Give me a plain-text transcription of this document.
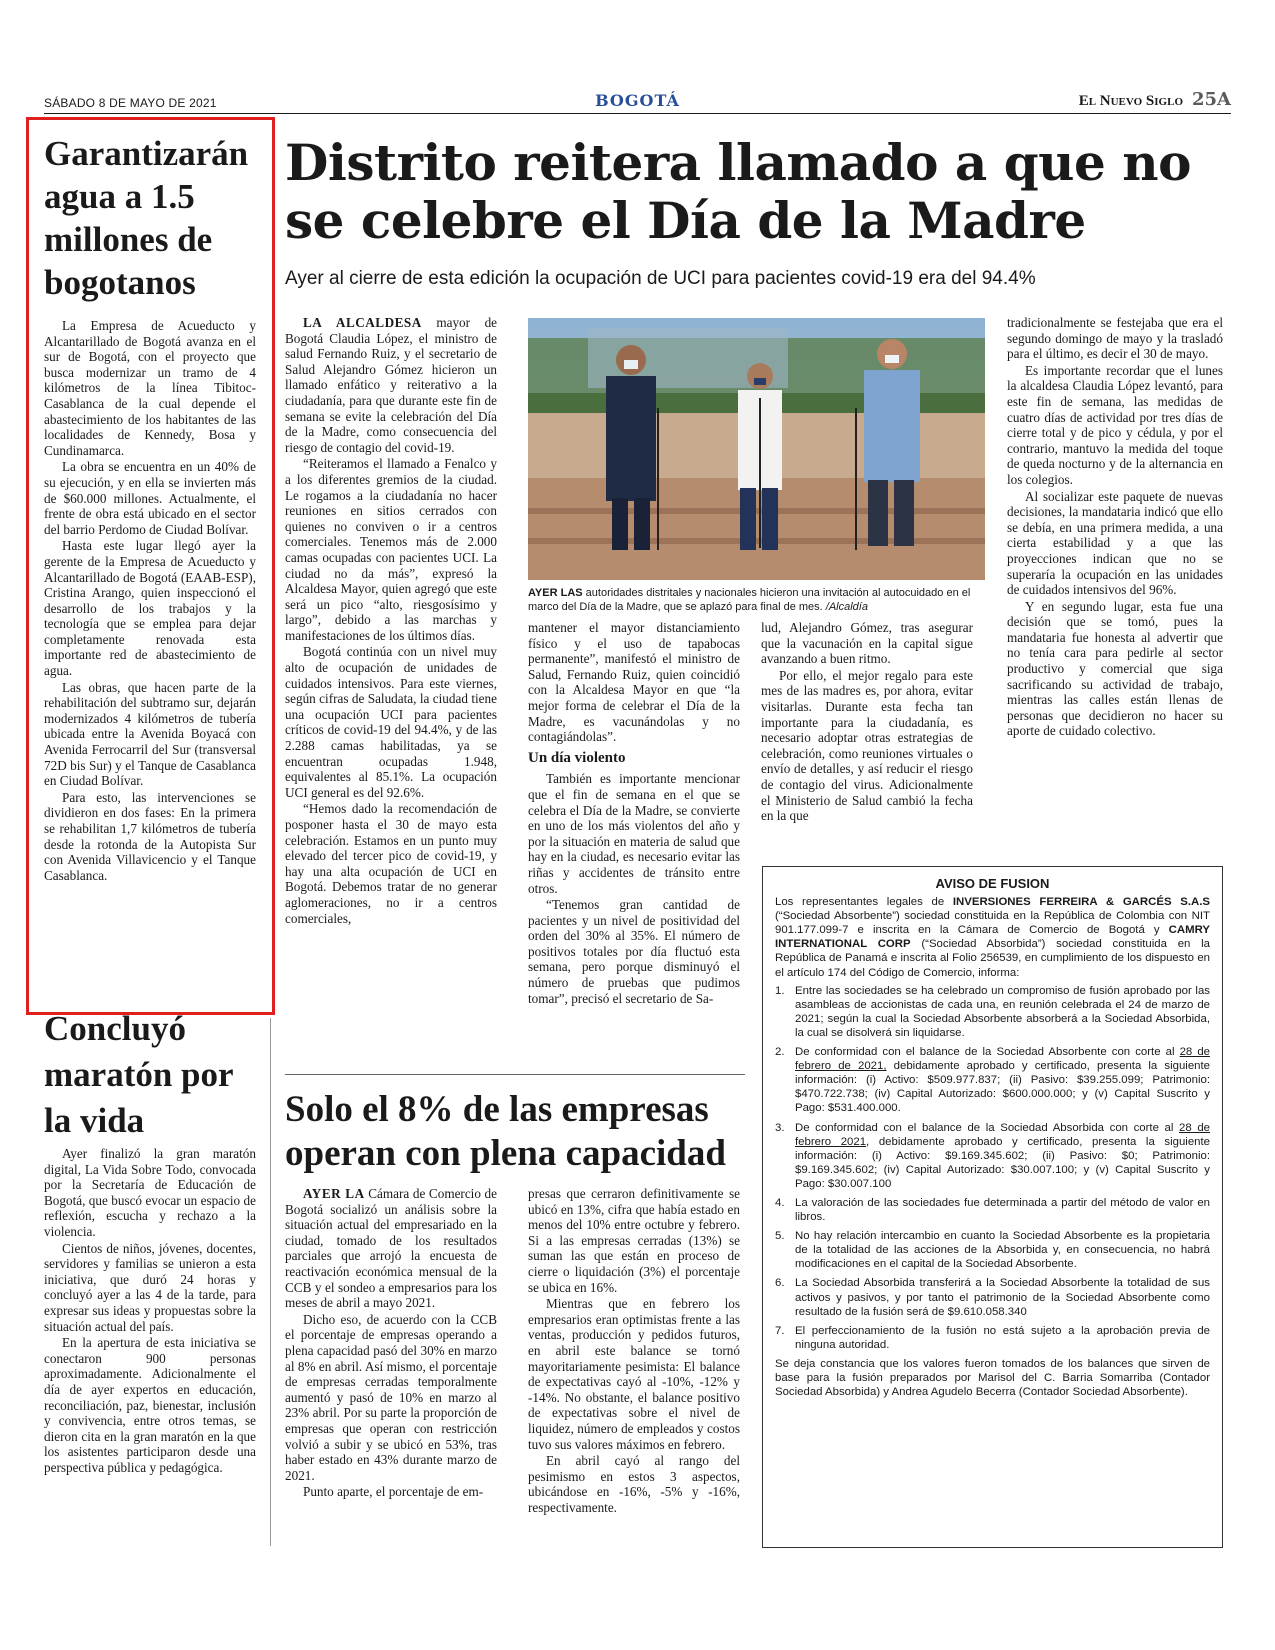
SÁBADO 8 DE MAYO DE 2021	BOGOTÁ	El Nuevo Siglo 25A
Garantizarán agua a 1.5 millones de bogotanos

La Empresa de Acueducto y Alcantarillado de Bogotá avanza en el sur de Bogotá, con el proyecto que busca modernizar un tramo de 4 kilómetros de la línea Tibitoc-Casablanca de la cual depende el abastecimiento de los habitantes de las localidades de Kennedy, Bosa y Cundinamarca.

La obra se encuentra en un 40% de su ejecución, y en ella se invierten más de $60.000 millones. Actualmente, el frente de obra está ubicado en el sector del barrio Perdomo de Ciudad Bolívar.

Hasta este lugar llegó ayer la gerente de la Empresa de Acueducto y Alcantarillado de Bogotá (EAAB-ESP), Cristina Arango, quien inspeccionó el desarrollo de los trabajos y la tecnología que se emplea para dejar completamente renovada esta importante red de abastecimiento de agua.

Las obras, que hacen parte de la rehabilitación del subtramo sur, dejarán modernizados 4 kilómetros de tubería ubicada entre la Avenida Boyacá con Avenida Ferrocarril del Sur (transversal 72D bis Sur) y el Tanque de Casablanca en Ciudad Bolívar.

Para esto, las intervenciones se dividieron en dos fases: En la primera se rehabilitan 1,7 kilómetros de tubería desde la rotonda de la Autopista Sur con Avenida Villavicencio y el Tanque Casablanca.

Concluyó maratón por la vida

Ayer finalizó la gran maratón digital, La Vida Sobre Todo, convocada por la Secretaría de Educación de Bogotá, que buscó evocar un espacio de reflexión, escucha y rechazo a la violencia.

Cientos de niños, jóvenes, docentes, servidores y familias se unieron a esta iniciativa, que duró 24 horas y concluyó ayer a las 4 de la tarde, para expresar sus ideas y propuestas sobre la situación actual del país.

En la apertura de esta iniciativa se conectaron 900 personas aproximadamente. Adicionalmente el día de ayer expertos en educación, reconciliación, paz, bienestar, inclusión y convivencia, entre otros temas, se dieron cita en la gran maratón en la que los asistentes participaron desde una perspectiva pública y pedagógica.

Distrito reitera llamado a que no se celebre el Día de la Madre
Ayer al cierre de esta edición la ocupación de UCI para pacientes covid-19 era del 94.4%

LA ALCALDESA mayor de Bogotá Claudia López, el ministro de salud Fernando Ruiz, y el secretario de Salud Alejandro Gómez hicieron un llamado enfático y reiterativo a la ciudadanía, para que durante este fin de semana se evite la celebración del Día de la Madre, como consecuencia del riesgo de contagio del covid-19.

“Reiteramos el llamado a Fenalco y a los diferentes gremios de la ciudad. Le rogamos a la ciudadanía no hacer reuniones en sitios cerrados con quienes no conviven o ir a centros comerciales. Tenemos más de 2.000 camas ocupadas con pacientes UCI. La ciudad no da más”, expresó la Alcaldesa Mayor, quien agregó que este será un pico “alto, riesgosísimo y largo”, debido a las marchas y manifestaciones de los últimos días.

Bogotá continúa con un nivel muy alto de ocupación de unidades de cuidados intensivos. Para este viernes, según cifras de Saludata, la ciudad tiene una ocupación UCI para pacientes críticos de covid-19 del 94.4%, y de las 2.288 camas habilitadas, ya se encuentran ocupadas 1.948, equivalentes al 85.1%. La ocupación UCI general es del 92.6%.

“Hemos dado la recomendación de posponer hasta el 30 de mayo esta celebración. Estamos en un punto muy elevado del tercer pico de covid-19, y hay una alta ocupación de UCI en Bogotá. Debemos tratar de no generar aglomeraciones, no ir a centros comerciales,

AYER LAS autoridades distritales y nacionales hicieron una invitación al autocuidado en el marco del Día de la Madre, que se aplazó para final de mes. /Alcaldía

mantener el mayor distanciamiento físico y el uso de tapabocas permanente”, manifestó el ministro de Salud, Fernando Ruiz, quien coincidió con la Alcaldesa Mayor en que “la mejor forma de celebrar el Día de la Madre, es vacunándolas y no contagiándolas”.

Un día violento

También es importante mencionar que el fin de semana en el que se celebra el Día de la Madre, se convierte en uno de los más violentos del año y por la situación en materia de salud que hay en la ciudad, es necesario evitar las riñas y accidentes de tránsito entre otros.

“Tenemos gran cantidad de pacientes y un nivel de positividad del orden del 30% al 35%. El número de positivos totales por día fluctuó esta semana, pero porque disminuyó el número de pruebas que pudimos tomar”, precisó el secretario de Sa-

lud, Alejandro Gómez, tras asegurar que la vacunación en la capital sigue avanzando a buen ritmo.

Por ello, el mejor regalo para este mes de las madres es, por ahora, evitar visitarlas. Durante esta fecha tan importante para la ciudadanía, es necesario adoptar otras estrategias de celebración, como reuniones virtuales o envío de detalles, y así reducir el riesgo de contagio del virus. Adicionalmente el Ministerio de Salud cambió la fecha en la que

tradicionalmente se festejaba que era el segundo domingo de mayo y la trasladó para el último, es decir el 30 de mayo.

Es importante recordar que el lunes la alcaldesa Claudia López levantó, para este fin de semana, las medidas de cuatro días de actividad por tres días de cierre total y de pico y cédula, y por el contrario, mantuvo la medida del toque de queda nocturno y de la alternancia en los colegios.

Al socializar este paquete de nuevas decisiones, la mandataria indicó que ello se debía, en una primera medida, a una cierta estabilidad y a que las proyecciones indican que no se superaría la ocupación en las unidades de cuidados intensivos del 96%.

Y en segundo lugar, esta fue una decisión que se tomó, pues la mandataria fue honesta al advertir que no tenía cara para pedirle al sector productivo y comercial que siga sacrificando su actividad de trabajo, mientras las calles están llenas de personas que decidieron no hacer su aporte de cuidado colectivo.

Solo el 8% de las empresas operan con plena capacidad

AYER LA Cámara de Comercio de Bogotá socializó un análisis sobre la situación actual del empresariado en la ciudad, tomado de los resultados parciales que arrojó la encuesta de reactivación económica mensual de la CCB y el sondeo a empresarios para los meses de abril a mayo 2021.

Dicho eso, de acuerdo con la CCB el porcentaje de empresas operando a plena capacidad pasó del 30% en marzo al 8% en abril. Así mismo, el porcentaje de empresas cerradas temporalmente aumentó y pasó de 10% en marzo al 23% abril. Por su parte la proporción de empresas que operan con restricción volvió a subir y se ubicó en 53%, tras haber estado en 43% durante marzo de 2021.

Punto aparte, el porcentaje de em-

presas que cerraron definitivamente se ubicó en 13%, cifra que había estado en menos del 10% entre octubre y febrero. Si a las empresas cerradas (13%) se suman las que están en proceso de cierre o liquidación (3%) el porcentaje se ubica en 16%.

Mientras que en febrero los empresarios eran optimistas frente a las ventas, producción y pedidos futuros, en abril este balance se tornó mayoritariamente pesimista: El balance de expectativas cayó al -10%, -12% y -14%. No obstante, el balance positivo de expectativas sobre el nivel de liquidez, número de empleados y costos tuvo sus valores máximos en febrero.

En abril cayó al rango del pesimismo en estos 3 aspectos, ubicándose en -16%, -5% y -16%, respectivamente.

AVISO DE FUSION
Los representantes legales de INVERSIONES FERREIRA & GARCÉS S.A.S (“Sociedad Absorbente”) sociedad constituida en la República de Colombia con NIT 901.177.099-7 e inscrita en la Cámara de Comercio de Bogotá y CAMRY INTERNATIONAL CORP (“Sociedad Absorbida”) sociedad constituida en la República de Panamá e inscrita al Folio 256539, en cumplimiento de los dispuesto en el artículo 174 del Código de Comercio, informa:
1. Entre las sociedades se ha celebrado un compromiso de fusión aprobado por las asambleas de accionistas de cada una, en reunión celebrada el 24 de marzo de 2021; según la cual la Sociedad Absorbente absorberá a la Sociedad Absorbida, la cual se disolverá sin liquidarse.
2. De conformidad con el balance de la Sociedad Absorbente con corte al 28 de febrero de 2021, debidamente aprobado y certificado, presenta la siguiente información: (i) Activo: $509.977.837; (ii) Pasivo: $39.255.099; Patrimonio: $470.722.738; (iv) Capital Autorizado: $600.000.000; y (v) Capital Suscrito y Pago: $531.400.000.
3. De conformidad con el balance de la Sociedad Absorbida con corte al 28 de febrero 2021, debidamente aprobado y certificado, presenta la siguiente información: (i) Activo: $9.169.345.602; (ii) Pasivo: $0; Patrimonio: $9.169.345.602; (iv) Capital Autorizado: $30.007.100; y (v) Capital Suscrito y Pago: $30.007.100
4. La valoración de las sociedades fue determinada a partir del método de valor en libros.
5. No hay relación intercambio en cuanto la Sociedad Absorbente es la propietaria de la totalidad de las acciones de la Absorbida y, en consecuencia, no habrá modificaciones en el capital de la Sociedad Absorbente.
6. La Sociedad Absorbida transferirá a la Sociedad Absorbente la totalidad de sus activos y pasivos, y por tanto el patrimonio de la Sociedad Absorbente como resultado de la fusión será de $9.610.058.340
7. El perfeccionamiento de la fusión no está sujeto a la aprobación previa de ninguna autoridad.
Se deja constancia que los valores fueron tomados de los balances que sirven de base para la fusión preparados por Marisol del C. Barria Somarriba (Contador Sociedad Absorbida) y Andrea Agudelo Becerra (Contador Sociedad Absorbente).
